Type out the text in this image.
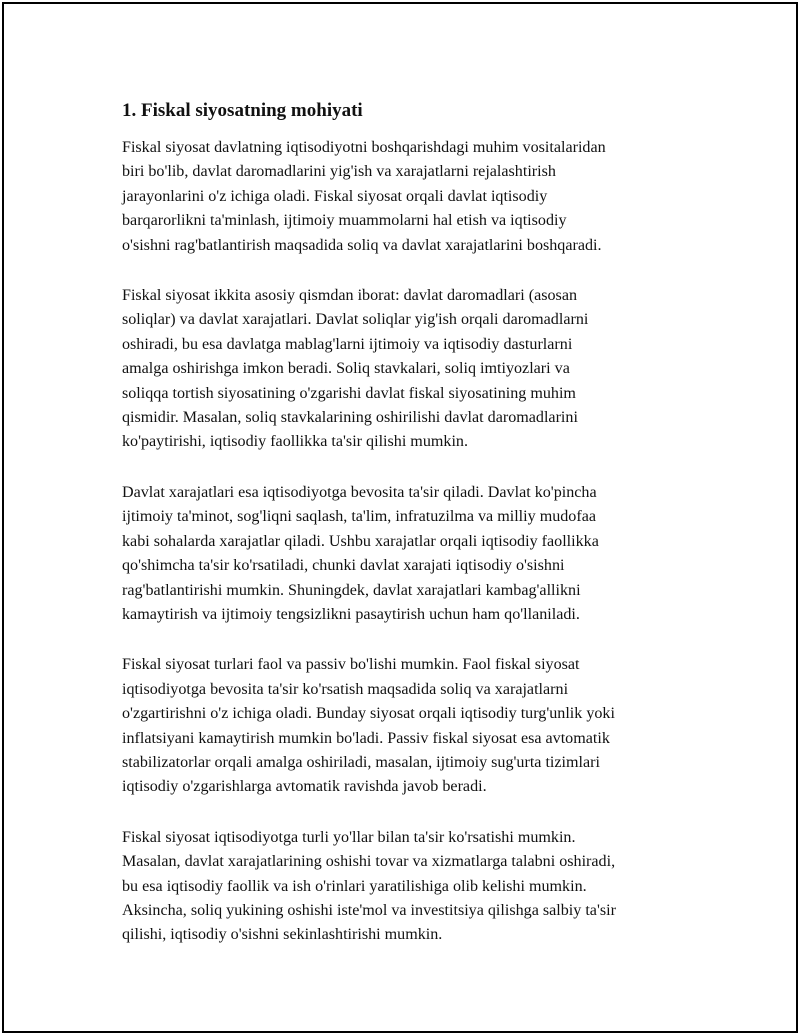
1. Fiskal siyosatning mohiyati

Fiskal siyosat davlatning iqtisodiyotni boshqarishdagi muhim vositalaridan
biri bo'lib, davlat daromadlarini yig'ish va xarajatlarni rejalashtirish
jarayonlarini o'z ichiga oladi. Fiskal siyosat orqali davlat iqtisodiy
barqarorlikni ta'minlash, ijtimoiy muammolarni hal etish va iqtisodiy
o'sishni rag'batlantirish maqsadida soliq va davlat xarajatlarini boshqaradi.

Fiskal siyosat ikkita asosiy qismdan iborat: davlat daromadlari (asosan
soliqlar) va davlat xarajatlari. Davlat soliqlar yig'ish orqali daromadlarni
oshiradi, bu esa davlatga mablag'larni ijtimoiy va iqtisodiy dasturlarni
amalga oshirishga imkon beradi. Soliq stavkalari, soliq imtiyozlari va
soliqqa tortish siyosatining o'zgarishi davlat fiskal siyosatining muhim
qismidir. Masalan, soliq stavkalarining oshirilishi davlat daromadlarini
ko'paytirishi, iqtisodiy faollikka ta'sir qilishi mumkin.

Davlat xarajatlari esa iqtisodiyotga bevosita ta'sir qiladi. Davlat ko'pincha
ijtimoiy ta'minot, sog'liqni saqlash, ta'lim, infratuzilma va milliy mudofaa
kabi sohalarda xarajatlar qiladi. Ushbu xarajatlar orqali iqtisodiy faollikka
qo'shimcha ta'sir ko'rsatiladi, chunki davlat xarajati iqtisodiy o'sishni
rag'batlantirishi mumkin. Shuningdek, davlat xarajatlari kambag'allikni
kamaytirish va ijtimoiy tengsizlikni pasaytirish uchun ham qo'llaniladi.

Fiskal siyosat turlari faol va passiv bo'lishi mumkin. Faol fiskal siyosat
iqtisodiyotga bevosita ta'sir ko'rsatish maqsadida soliq va xarajatlarni
o'zgartirishni o'z ichiga oladi. Bunday siyosat orqali iqtisodiy turg'unlik yoki
inflatsiyani kamaytirish mumkin bo'ladi. Passiv fiskal siyosat esa avtomatik
stabilizatorlar orqali amalga oshiriladi, masalan, ijtimoiy sug'urta tizimlari
iqtisodiy o'zgarishlarga avtomatik ravishda javob beradi.

Fiskal siyosat iqtisodiyotga turli yo'llar bilan ta'sir ko'rsatishi mumkin.
Masalan, davlat xarajatlarining oshishi tovar va xizmatlarga talabni oshiradi,
bu esa iqtisodiy faollik va ish o'rinlari yaratilishiga olib kelishi mumkin.
Aksincha, soliq yukining oshishi iste'mol va investitsiya qilishga salbiy ta'sir
qilishi, iqtisodiy o'sishni sekinlashtirishi mumkin.
